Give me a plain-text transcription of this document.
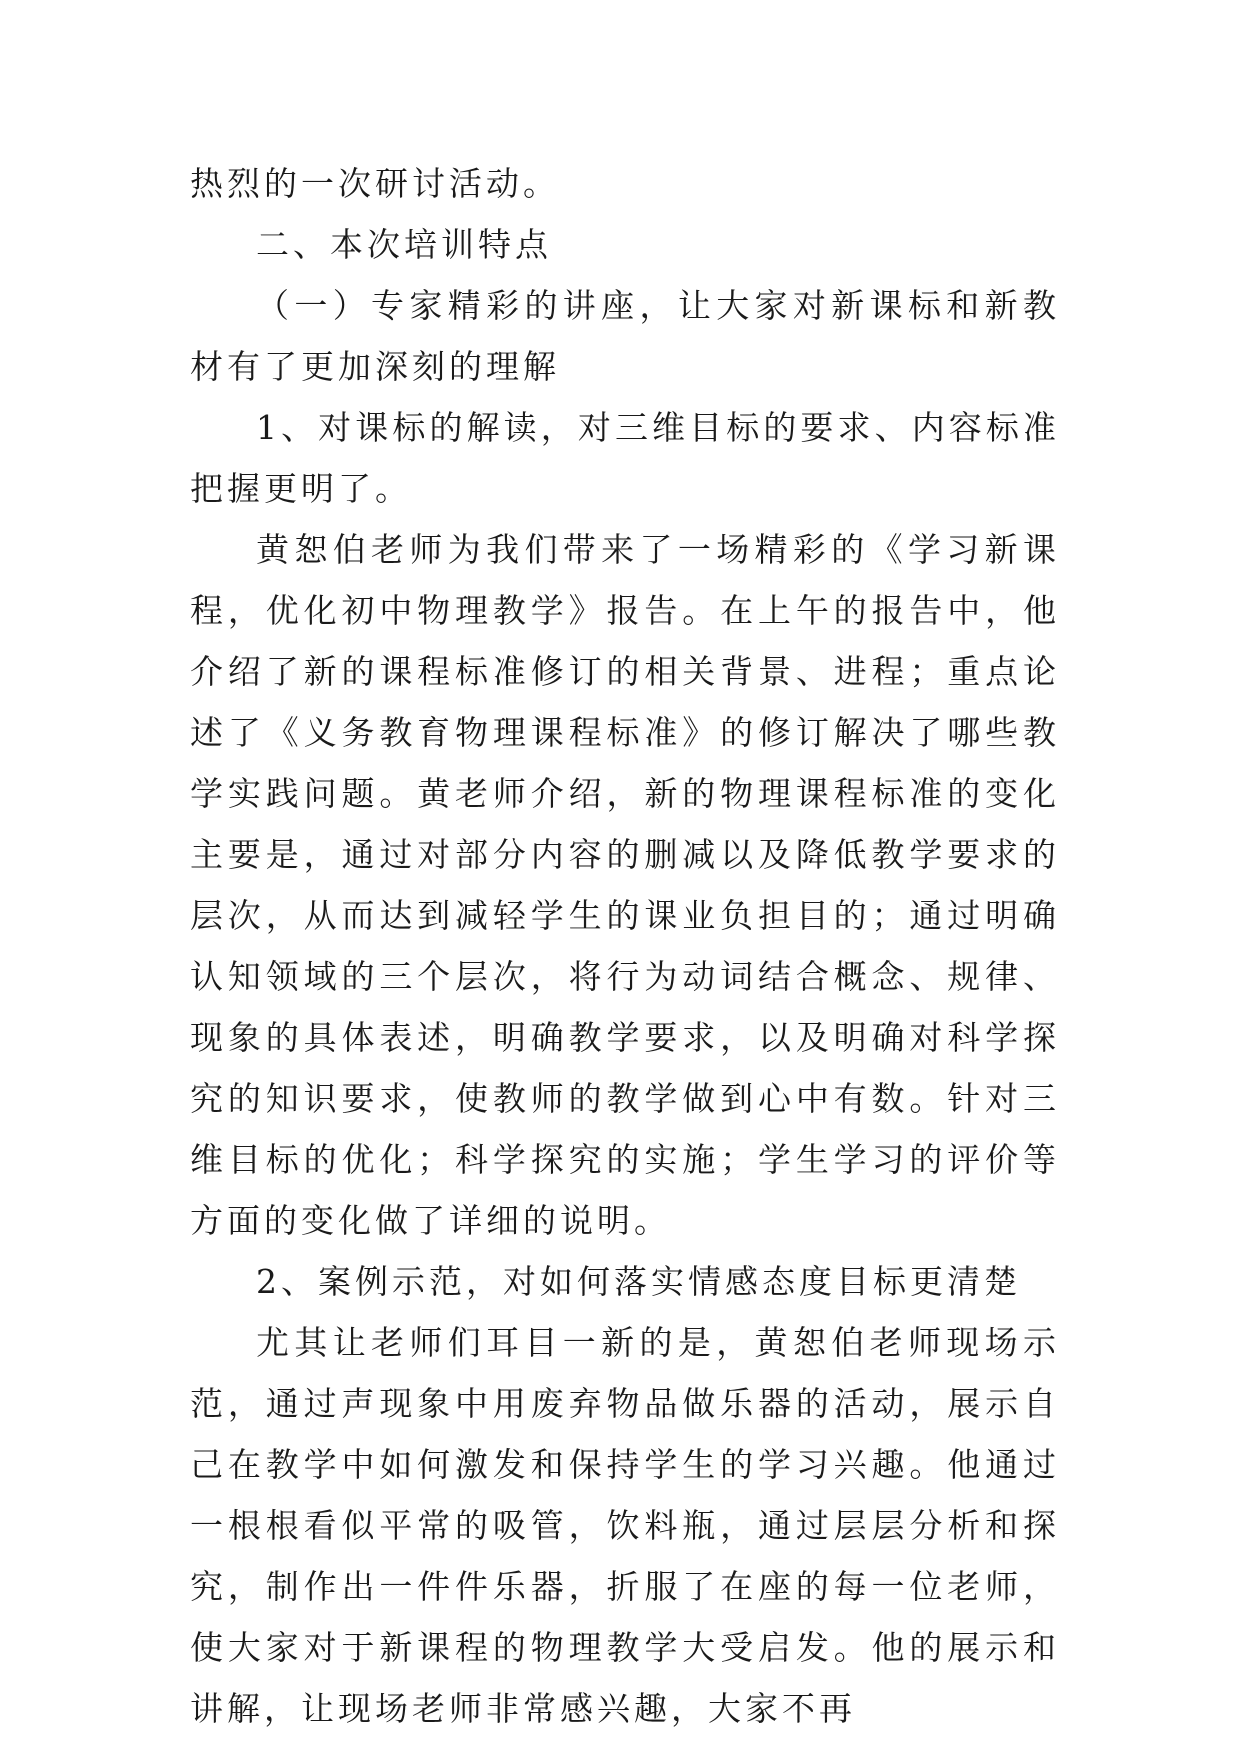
热烈的一次研讨活动。

二、本次培训特点

（一）专家精彩的讲座，让大家对新课标和新教材有了更加深刻的理解

1、对课标的解读，对三维目标的要求、内容标准把握更明了。

黄恕伯老师为我们带来了一场精彩的《学习新课程，优化初中物理教学》报告。在上午的报告中，他介绍了新的课程标准修订的相关背景、进程；重点论述了《义务教育物理课程标准》的修订解决了哪些教学实践问题。黄老师介绍，新的物理课程标准的变化主要是，通过对部分内容的删减以及降低教学要求的层次，从而达到减轻学生的课业负担目的；通过明确认知领域的三个层次，将行为动词结合概念、规律、现象的具体表述，明确教学要求，以及明确对科学探究的知识要求，使教师的教学做到心中有数。针对三维目标的优化；科学探究的实施；学生学习的评价等方面的变化做了详细的说明。

2、案例示范，对如何落实情感态度目标更清楚

尤其让老师们耳目一新的是，黄恕伯老师现场示范，通过声现象中用废弃物品做乐器的活动，展示自己在教学中如何激发和保持学生的学习兴趣。他通过一根根看似平常的吸管，饮料瓶，通过层层分析和探究，制作出一件件乐器，折服了在座的每一位老师，使大家对于新课程的物理教学大受启发。他的展示和讲解，让现场老师非常感兴趣，大家不再
